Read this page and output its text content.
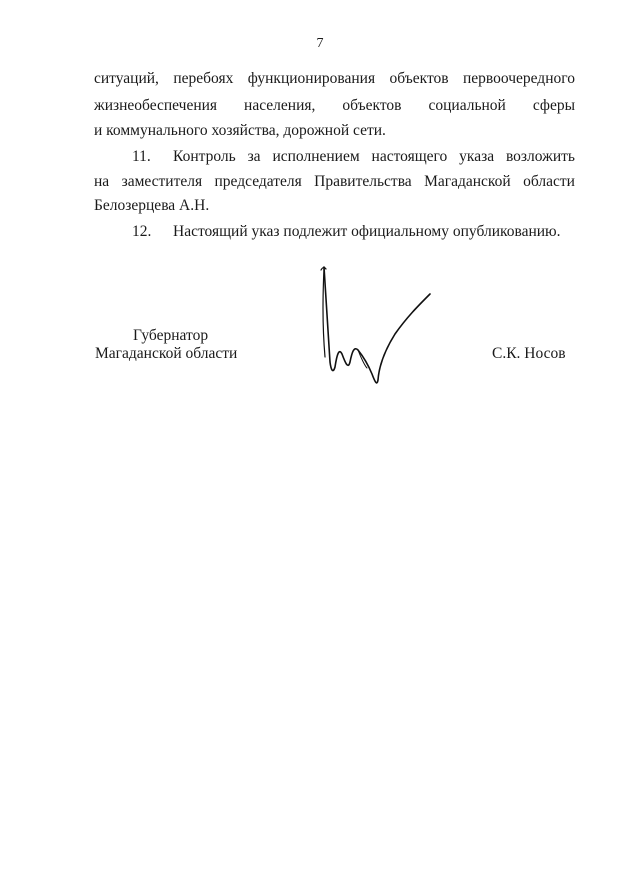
7
ситуаций, перебоях функционирования объектов первоочередного
жизнеобеспечения населения, объектов социальной сферы
и коммунального хозяйства, дорожной сети.
11. Контроль за исполнением настоящего указа возложить
на заместителя председателя Правительства Магаданской области
Белозерцева А.Н.
12. Настоящий указ подлежит официальному опубликованию.
Губернатор
Магаданской области	С.К. Носов
